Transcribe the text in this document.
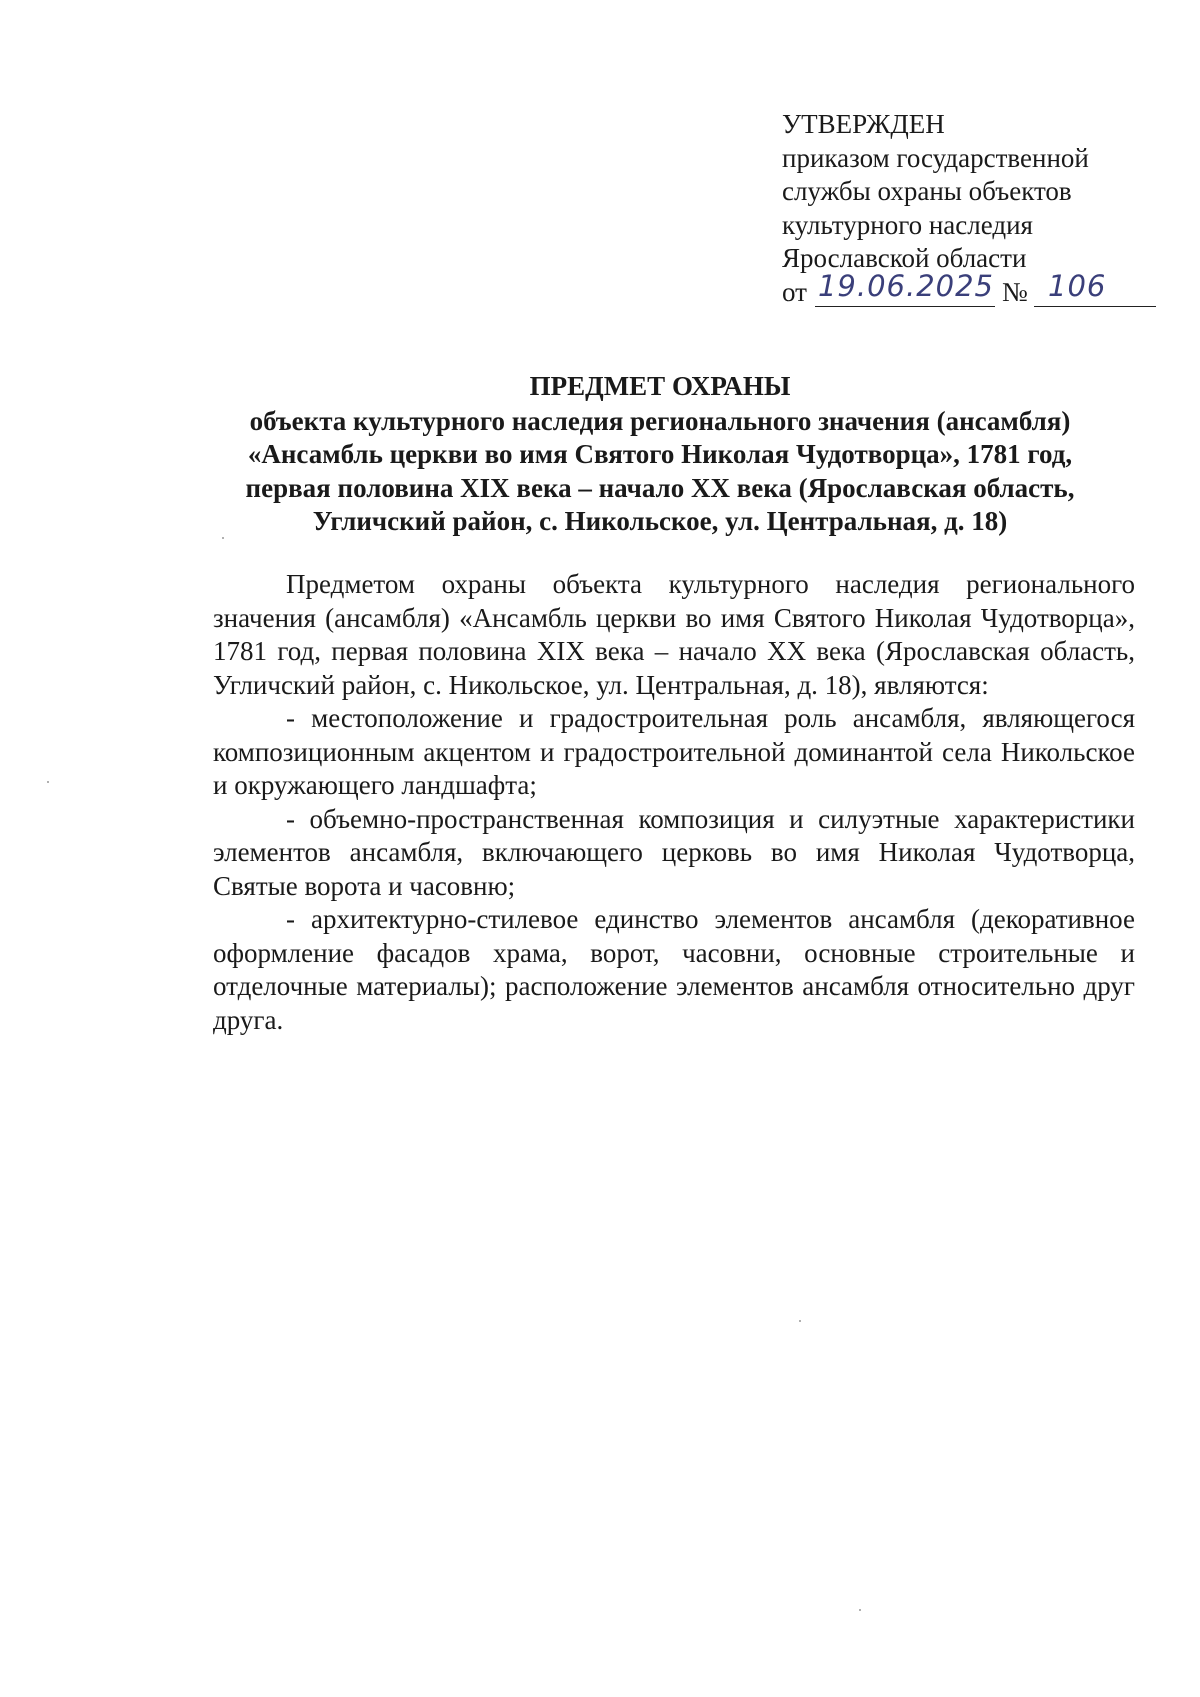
УТВЕРЖДЕН
приказом государственной
службы охраны объектов
культурного наследия
Ярославской области
от 19.06.2025 № 106
ПРЕДМЕТ ОХРАНЫ
объекта культурного наследия регионального значения (ансамбля)
«Ансамбль церкви во имя Святого Николая Чудотворца», 1781 год,
первая половина XIX века – начало XX века (Ярославская область,
Угличский район, с. Никольское, ул. Центральная, д. 18)

Предметом охраны объекта культурного наследия регионального значения (ансамбля) «Ансамбль церкви во имя Святого Николая Чудотворца», 1781 год, первая половина XIX века – начало XX века (Ярославская область, Угличский район, с. Никольское, ул. Центральная, д. 18), являются:

- местоположение и градостроительная роль ансамбля, являющегося композиционным акцентом и градостроительной доминантой села Никольское и окружающего ландшафта;

- объемно-пространственная композиция и силуэтные характеристики элементов ансамбля, включающего церковь во имя Николая Чудотворца, Святые ворота и часовню;

- архитектурно-стилевое единство элементов ансамбля (декоративное оформление фасадов храма, ворот, часовни, основные строительные и отделочные материалы); расположение элементов ансамбля относительно друг друга.
